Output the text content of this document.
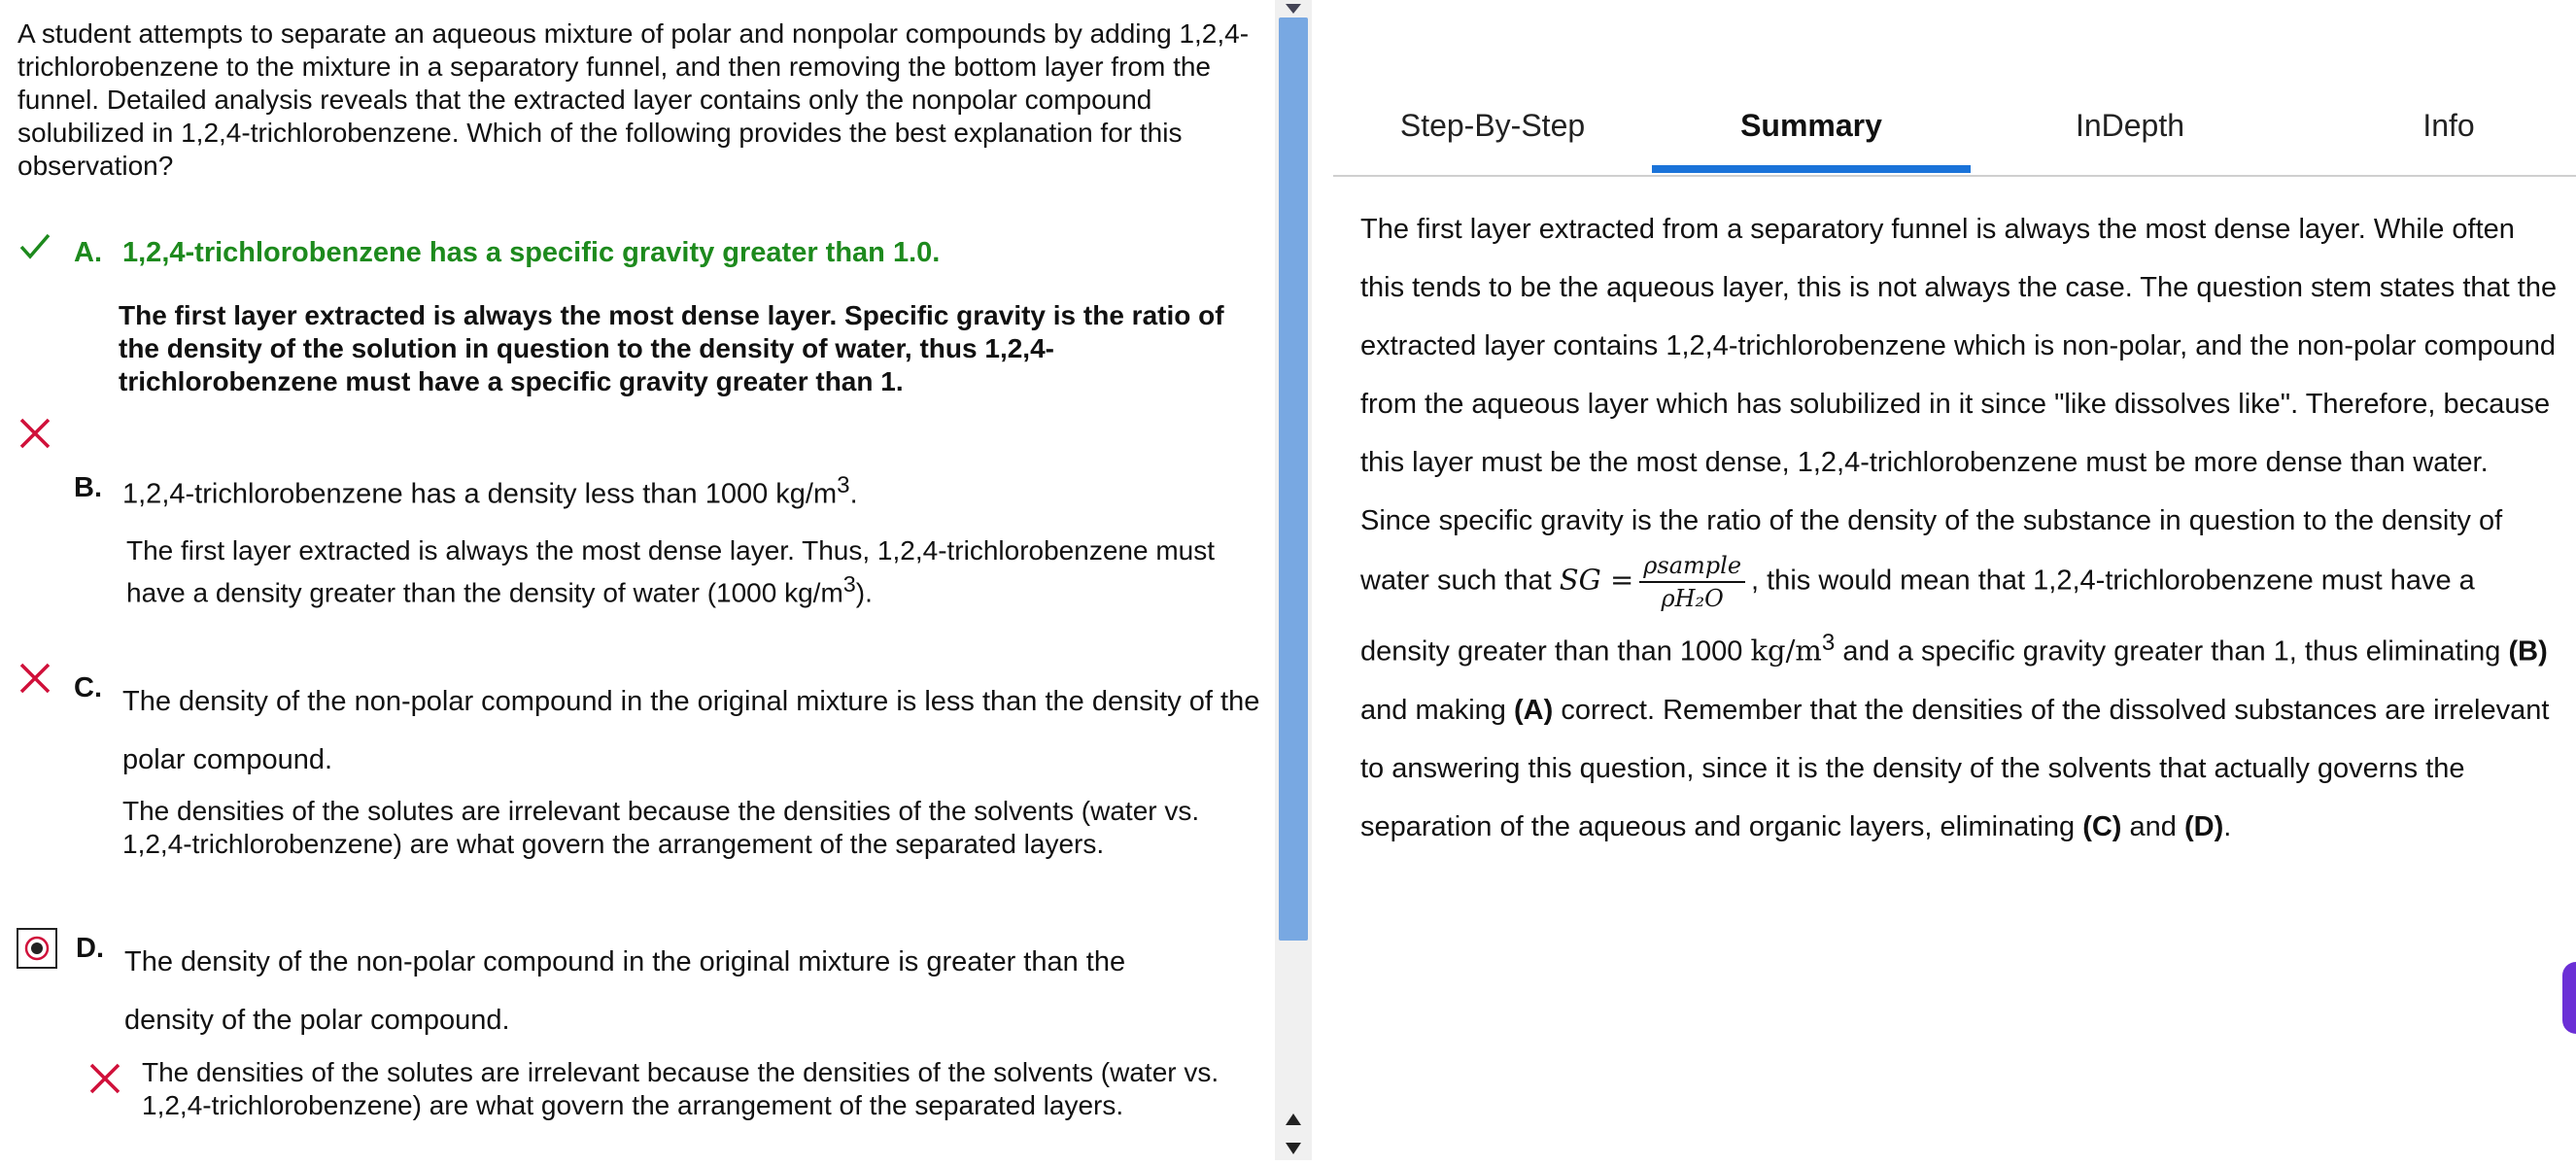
A student attempts to separate an aqueous mixture of polar and nonpolar compounds by adding 1,2,4-trichlorobenzene to the mixture in a separatory funnel, and then removing the bottom layer from the funnel. Detailed analysis reveals that the extracted layer contains only the nonpolar compound solubilized in 1,2,4-trichlorobenzene. Which of the following provides the best explanation for this observation?
A. 1,2,4-trichlorobenzene has a specific gravity greater than 1.0.
The first layer extracted is always the most dense layer. Specific gravity is the ratio of the density of the solution in question to the density of water, thus 1,2,4-trichlorobenzene must have a specific gravity greater than 1.
B. 1,2,4-trichlorobenzene has a density less than 1000 $kg/m^3$.
The first layer extracted is always the most dense layer. Thus, 1,2,4-trichlorobenzene must have a density greater than the density of water (1000 $kg/m^3$).
C. The density of the non-polar compound in the original mixture is less than the density of the polar compound.
The densities of the solutes are irrelevant because the densities of the solvents (water vs. 1,2,4-trichlorobenzene) are what govern the arrangement of the separated layers.
D. The density of the non-polar compound in the original mixture is greater than the density of the polar compound.
The densities of the solutes are irrelevant because the densities of the solvents (water vs. 1,2,4-trichlorobenzene) are what govern the arrangement of the separated layers.
Step-By-Step	Summary	InDepth	Info
The first layer extracted from a separatory funnel is always the most dense layer. While often this tends to be the aqueous layer, this is not always the case. The question stem states that the extracted layer contains 1,2,4-trichlorobenzene which is non-polar, and the non-polar compound from the aqueous layer which has solubilized in it since "like dissolves like". Therefore, because this layer must be the most dense, 1,2,4-trichlorobenzene must be more dense than water. Since specific gravity is the ratio of the density of the substance in question to the density of water such that SG = $\frac{\text{ρsample}}{\text{ρH₂O}}$ , this would mean that 1,2,4-trichlorobenzene must have a density greater than than 1000 $kg/m^3$ and a specific gravity greater than 1, thus eliminating (B) and making (A) correct. Remember that the densities of the dissolved substances are irrelevant to answering this question, since it is the density of the solvents that actually governs the separation of the aqueous and organic layers, eliminating (C) and (D).
